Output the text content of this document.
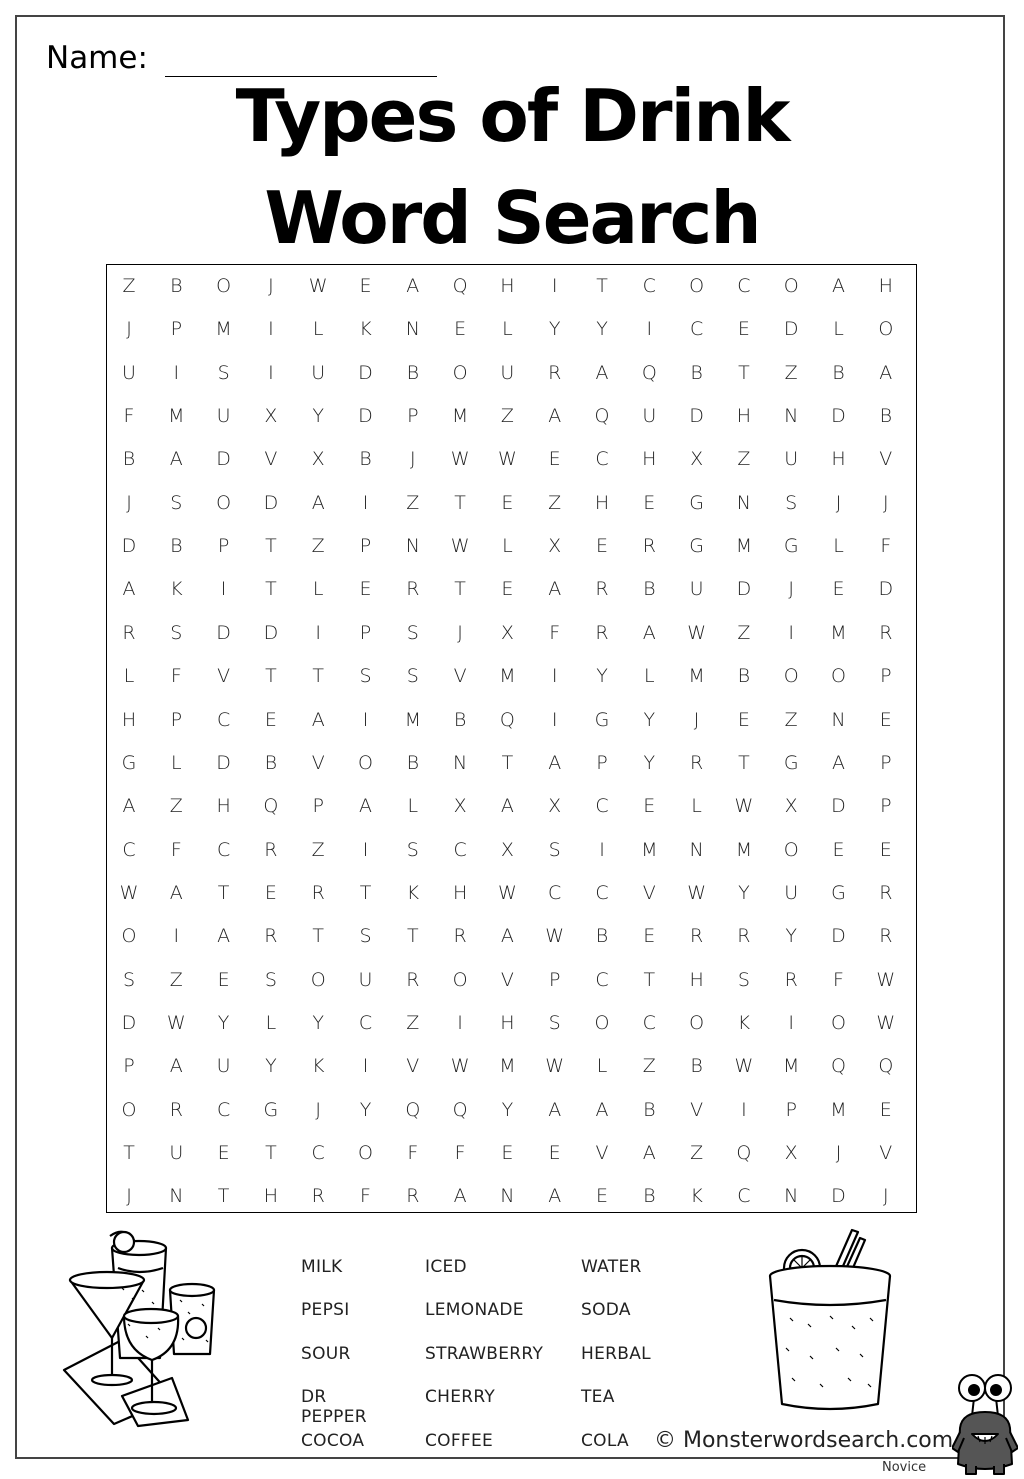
Name:
Types of Drink
Word Search
Z	B	O	J	W	E	A	Q	H	I	T	C	O	C	O	A	H
J	P	M	I	L	K	N	E	L	Y	Y	I	C	E	D	L	O
U	I	S	I	U	D	B	O	U	R	A	Q	B	T	Z	B	A
F	M	U	X	Y	D	P	M	Z	A	Q	U	D	H	N	D	B
B	A	D	V	X	B	J	W	W	E	C	H	X	Z	U	H	V
J	S	O	D	A	I	Z	T	E	Z	H	E	G	N	S	J	J
D	B	P	T	Z	P	N	W	L	X	E	R	G	M	G	L	F
A	K	I	T	L	E	R	T	E	A	R	B	U	D	J	E	D
R	S	D	D	I	P	S	J	X	F	R	A	W	Z	I	M	R
L	F	V	T	T	S	S	V	M	I	Y	L	M	B	O	O	P
H	P	C	E	A	I	M	B	Q	I	G	Y	J	E	Z	N	E
G	L	D	B	V	O	B	N	T	A	P	Y	R	T	G	A	P
A	Z	H	Q	P	A	L	X	A	X	C	E	L	W	X	D	P
C	F	C	R	Z	I	S	C	X	S	I	M	N	M	O	E	E
W	A	T	E	R	T	K	H	W	C	C	V	W	Y	U	G	R
O	I	A	R	T	S	T	R	A	W	B	E	R	R	Y	D	R
S	Z	E	S	O	U	R	O	V	P	C	T	H	S	R	F	W
D	W	Y	L	Y	C	Z	I	H	S	O	C	O	K	I	O	W
P	A	U	Y	K	I	V	W	M	W	L	Z	B	W	M	Q	Q
O	R	C	G	J	Y	Q	Q	Y	A	A	B	V	I	P	M	E
T	U	E	T	C	O	F	F	E	E	V	A	Z	Q	X	J	V
J	N	T	H	R	F	R	A	N	A	E	B	K	C	N	D	J
MILK
PEPSI
SOUR
DR PEPPER
COCOA
ICED
LEMONADE
STRAWBERRY
CHERRY
COFFEE
WATER
SODA
HERBAL
TEA
COLA © Monsterwordsearch.com
Novice
